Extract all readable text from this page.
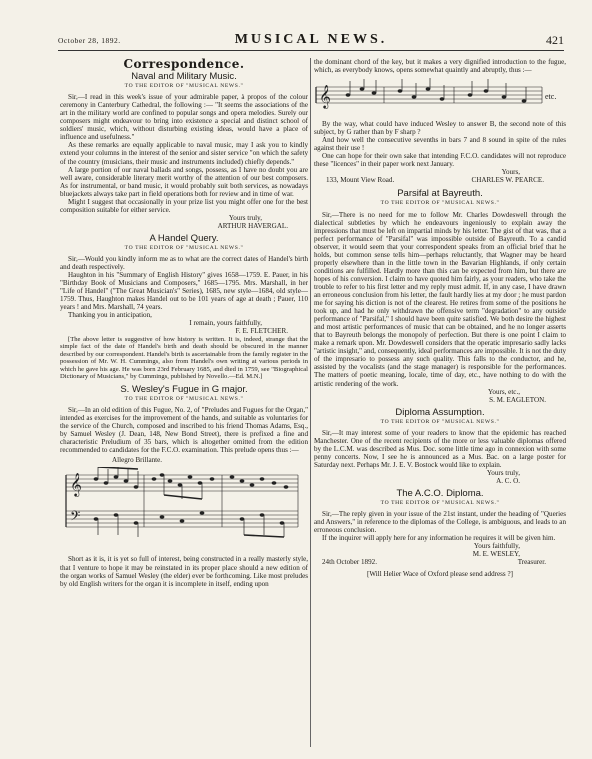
October 28, 1892.	MUSICAL NEWS.	421
Correspondence.
Naval and Military Music.
TO THE EDITOR OF "MUSICAL NEWS."

Sir,—I read in this week's issue of your admirable paper, à propos of the colour ceremony in Canterbury Cathedral, the following :— "It seems the associations of the art in the military world are confined to popular songs and opera melodies. Surely our composers might endeavour to bring into existence a special and distinct school of soldiers' music, which, without disturbing existing ideas, would have a place of influence and usefulness."

As these remarks are equally applicable to naval music, may I ask you to kindly extend your columns in the interest of the senior and sister service "on which the safety of the country (musicians, their music and instruments included) chiefly depends."

A large portion of our naval ballads and songs, possess, as I have no doubt you are well aware, considerable literary merit worthy of the attention of our best composers. As for instrumental, or band music, it would probably suit both services, as nowadays bluejackets always take part in field operations both for review and in time of war.

Might I suggest that occasionally in your prize list you might offer one for the best composition suitable for either service.

Yours truly,
ARTHUR HAVERGAL.
A Handel Query.
TO THE EDITOR OF "MUSICAL NEWS."

Sir,—Would you kindly inform me as to what are the correct dates of Handel's birth and death respectively.

Haughton in his "Summary of English History" gives 1658—1759. E. Pauer, in his "Birthday Book of Musicians and Composers," 1685—1795. Mrs. Marshall, in her "Life of Handel" ("The Great Musician's" Series), 1685, new style—1684, old style—1759. Thus, Haughton makes Handel out to be 101 years of age at death ; Pauer, 110 years ! and Mrs. Marshall, 74 years.

Thanking you in anticipation,

I remain, yours faithfully,
F. E. FLETCHER.

[The above letter is suggestive of how history is written. It is, indeed, strange that the simple fact of the date of Handel's birth and death should be obscured in the manner described by our correspondent. Handel's birth is ascertainable from the family register in the possession of Mr. W. H. Cummings, also from Handel's own writing at various periods in which he gave his age. He was born 23rd February 1685, and died in 1759, see "Biographical Dictionary of Musicians," by Cummings, published by Novello.—Ed. M.N.]

S. Wesley's Fugue in G major.
TO THE EDITOR OF "MUSICAL NEWS."

Sir,—In an old edition of this Fugue, No. 2, of "Preludes and Fugues for the Organ," intended as exercises for the improvement of the hands, and suitable as voluntaries for the service of the Church, composed and inscribed to his friend Thomas Adams, Esq., by Samuel Wesley (J. Dean, 148, New Bond Street), there is prefixed a fine and characteristic Preludium of 35 bars, which is altogether omitted from the edition recommended to candidates for the F.C.O. examination. This prelude opens thus :—

Allegro Brillante.
𝄞
𝄢

Short as it is, it is yet so full of interest, being constructed in a really masterly style, that I venture to hope it may be reinstated in its proper place should a new edition of the organ works of Samuel Wesley (the elder) ever be forthcoming. Like most preludes by old English writers for the organ it is incomplete in itself, ending upon

the dominant chord of the key, but it makes a very dignified introduction to the fugue, which, as everybody knows, opens somewhat quaintly and abruptly, thus :—

𝄞	etc.

By the way, what could have induced Wesley to answer B, the second note of this subject, by G rather than by F sharp ?

And how well the consecutive sevenths in bars 7 and 8 sound in spite of the rules against their use !

One can hope for their own sake that intending F.C.O. candidates will not reproduce these "licences" in their paper work next January.

Yours,
133, Mount View Road.	CHARLES W. PEARCE.
Parsifal at Bayreuth.
TO THE EDITOR OF "MUSICAL NEWS."

Sir,—There is no need for me to follow Mr. Charles Dowdeswell through the dialectical subtleties by which he endeavours ingeniously to explain away the impressions that must be left on impartial minds by his letter. The gist of that was, that a perfect performance of "Parsifal" was impossible outside of Bayreuth. To a candid observer, it would seem that your correspondent speaks from an official brief that he holds, but common sense tells him—perhaps reluctantly, that Wagner may be heard properly elsewhere than in the little town in the Bavarian Highlands, if only certain conditions are fulfilled. Hardly more than this can be expected from him, but there are hopes of his conversion. I claim to have quoted him fairly, as your readers, who take the trouble to refer to his first letter and my reply must admit. If, in any case, I have drawn an erroneous conclusion from his letter, the fault hardly lies at my door ; he must pardon me for saying his diction is not of the clearest. He retires from some of the positions he took up, and had he only withdrawn the offensive term "degradation" to any outside performance of "Parsifal," I should have been quite satisfied. We both desire the highest and most artistic performances of music that can be obtained, and he no longer asserts that to Bayreuth belongs the monopoly of perfection. But there is one point I claim to make a remark upon. Mr. Dowdeswell considers that the operatic impresario sadly lacks "artistic insight," and, consequently, ideal performances are impossible. It is not the duty of the impresario to possess any such quality. This falls to the conductor, and he, assisted by the vocalists (and the stage manager) is responsible for the performances. The matters of poetic meaning, locale, time of day, etc., have nothing to do with the artistic rendering of the work.

Yours, etc.,
S. M. EAGLETON.
Diploma Assumption.
TO THE EDITOR OF "MUSICAL NEWS."

Sir,—It may interest some of your readers to know that the epidemic has reached Manchester. One of the recent recipients of the more or less valuable diplomas offered by the L.C.M. was described as Mus. Doc. some little time ago in connexion with some penny concerts. Now, I see he is announced as a Mus. Bac. on a large poster for Saturday next. Perhaps Mr. J. E. V. Bostock would like to explain.

Yours truly,
A. C. O.
The A.C.O. Diploma.
TO THE EDITOR OF "MUSICAL NEWS."

Sir,—The reply given in your issue of the 21st instant, under the heading of "Queries and Answers," in reference to the diplomas of the College, is ambiguous, and leads to an erroneous conclusion.

If the inquirer will apply here for any information he requires it will be given him.

Yours faithfully,
M. E. WESLEY,
24th October 1892.	Treasurer.
[Will Helier Wace of Oxford please send address ?]
